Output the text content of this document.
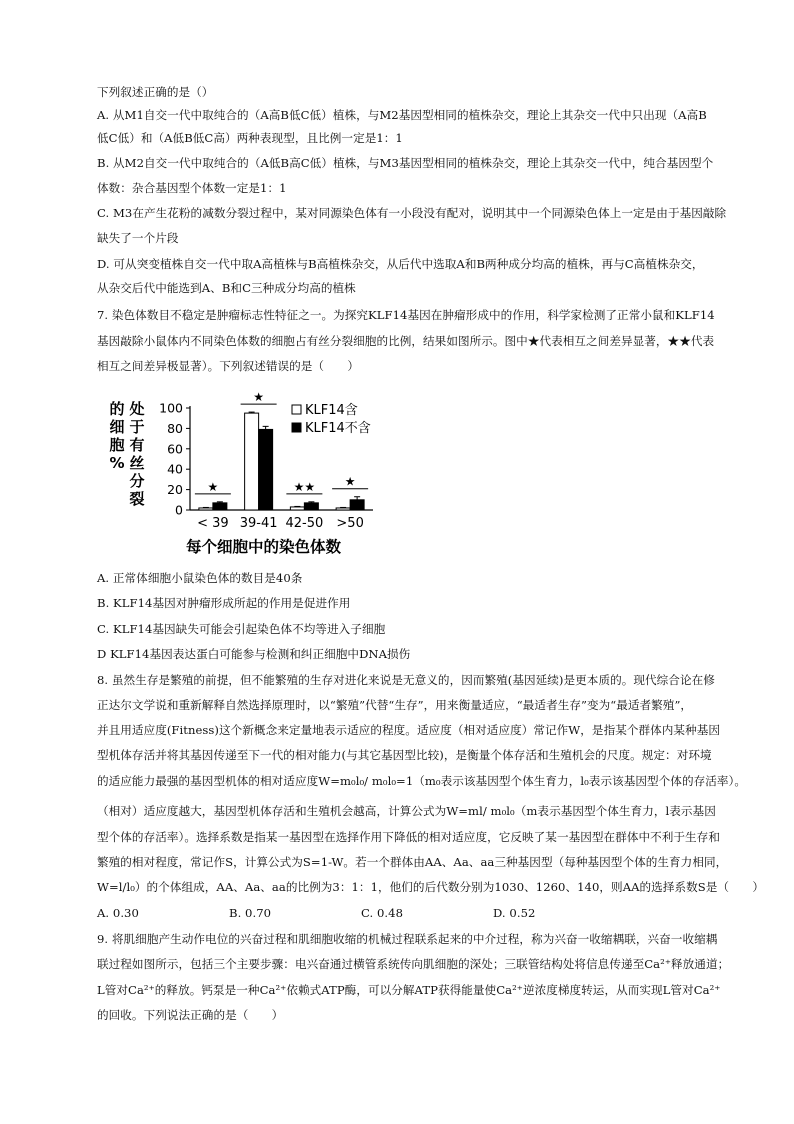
下列叙述正确的是（）
A. 从M1自交一代中取纯合的（A高B低C低）植株，与M2基因型相同的植株杂交，理论上其杂交一代中只出现（A高B
低C低）和（A低B低C高）两种表现型，且比例一定是1：1
B. 从M2自交一代中取纯合的（A低B高C低）植株，与M3基因型相同的植株杂交，理论上其杂交一代中，纯合基因型个
体数：杂合基因型个体数一定是1：1
C. M3在产生花粉的减数分裂过程中，某对同源染色体有一小段没有配对，说明其中一个同源染色体上一定是由于基因敲除
缺失了一个片段
D. 可从突变植株自交一代中取A高植株与B高植株杂交，从后代中选取A和B两种成分均高的植株，再与C高植株杂交，
从杂交后代中能选到A、B和C三种成分均高的植株
7. 染色体数目不稳定是肿瘤标志性特征之一。为探究KLF14基因在肿瘤形成中的作用，科学家检测了正常小鼠和KLF14
基因敲除小鼠体内不同染色体数的细胞占有丝分裂细胞的比例，结果如图所示。图中★代表相互之间差异显著，★★代表
相互之间差异极显著）。下列叙述错误的是（　　）
处
于
有
丝
分
裂
的
细
胞
%
100
80
60
40
20
0
★
< 39
★
39-41
★★
42-50
★
>50
每个细胞中的染色体数
KLF14含
KLF14不含
A. 正常体细胞小鼠染色体的数目是40条
B. KLF14基因对肿瘤形成所起的作用是促进作用
C. KLF14基因缺失可能会引起染色体不均等进入子细胞
D KLF14基因表达蛋白可能参与检测和纠正细胞中DNA损伤
8. 虽然生存是繁殖的前提，但不能繁殖的生存对进化来说是无意义的，因而繁殖(基因延续)是更本质的。现代综合论在修
正达尔文学说和重新解释自然选择原理时，以“繁殖”代替“生存”，用来衡量适应，“最适者生存”变为“最适者繁殖”，
并且用适应度(Fitness)这个新概念来定量地表示适应的程度。适应度（相对适应度）常记作W，是指某个群体内某种基因
型机体存活并将其基因传递至下一代的相对能力(与其它基因型比较)，是衡量个体存活和生殖机会的尺度。规定：对环境
的适应能力最强的基因型机体的相对适应度W=m₀l₀/ m₀l₀=1（m₀表示该基因型个体生育力，l₀表示该基因型个体的存活率）。
（相对）适应度越大，基因型机体存活和生殖机会越高，计算公式为W=ml/ m₀l₀（m表示基因型个体生育力，l表示基因
型个体的存活率）。选择系数是指某一基因型在选择作用下降低的相对适应度，它反映了某一基因型在群体中不利于生存和
繁殖的相对程度，常记作S，计算公式为S=1-W。若一个群体由AA、Aa、aa三种基因型（每种基因型个体的生育力相同，
W=l/l₀）的个体组成，AA、Aa、aa的比例为3：1：1，他们的后代数分别为1030、1260、140，则AA的选择系数S是（　　）
A. 0.30	B. 0.70	C. 0.48	D. 0.52
9. 将肌细胞产生动作电位的兴奋过程和肌细胞收缩的机械过程联系起来的中介过程，称为兴奋一收缩耦联，兴奋一收缩耦
联过程如图所示，包括三个主要步骤：电兴奋通过横管系统传向肌细胞的深处；三联管结构处将信息传递至Ca²⁺释放通道；
L管对Ca²⁺的释放。钙泵是一种Ca²⁺依赖式ATP酶，可以分解ATP获得能量使Ca²⁺逆浓度梯度转运，从而实现L管对Ca²⁺
的回收。下列说法正确的是（　　）
